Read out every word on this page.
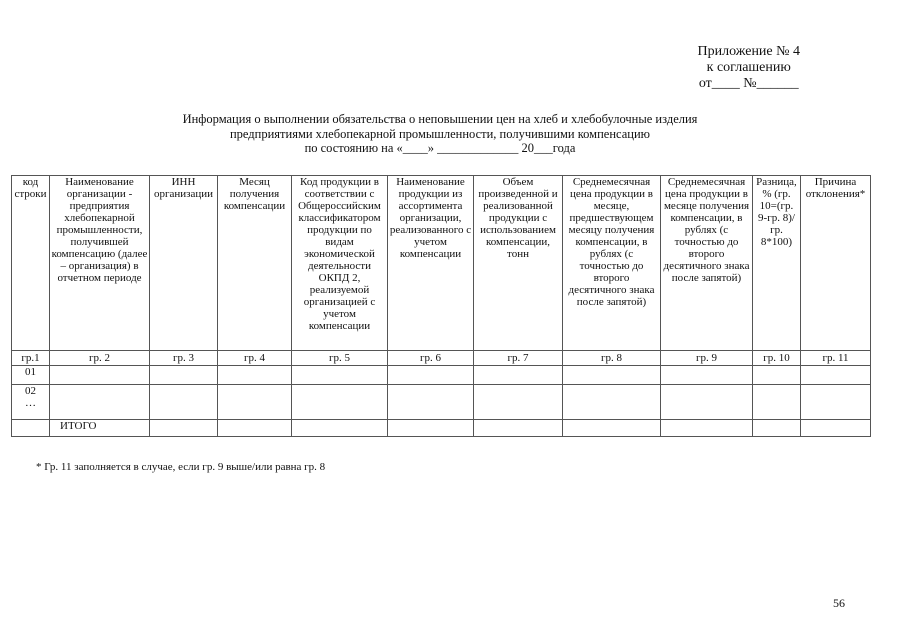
Приложение № 4
к соглашению
от____ №______
Информация о выполнении обязательства о неповышении цен на хлеб и хлебобулочные изделия
предприятиями хлебопекарной промышленности, получившими компенсацию
по состоянию на «____» _____________ 20___года
код строки	Наименование организации - предприятия хлебопекарной промышленности, получившей компенсацию (далее – организация) в отчетном периоде	ИНН организации	Месяц получения компенсации	Код продукции в соответствии с Общероссийским классификатором продукции по видам экономической деятельности ОКПД 2, реализуемой организацией с учетом компенсации	Наименование продукции из ассортимента организации, реализованного с учетом компенсации	Объем произведенной и реализованной продукции с использованием компенсации, тонн	Среднемесячная цена продукции в месяце, предшествующем месяцу получения компенсации, в рублях (с точностью до второго десятичного знака после запятой)	Среднемесячная цена продукции в месяце получения компенсации, в рублях (с точностью до второго десятичного знака после запятой)	Разница, % (гр. 10=(гр. 9-гр. 8)/гр. 8*100)	Причина отклонения*
гр.1	гр. 2	гр. 3	гр. 4	гр. 5	гр. 6	гр. 7	гр. 8	гр. 9	гр. 10	гр. 11
01										
02
…										
	ИТОГО									
* Гр. 11 заполняется в случае, если гр. 9 выше/или равна гр. 8
56
